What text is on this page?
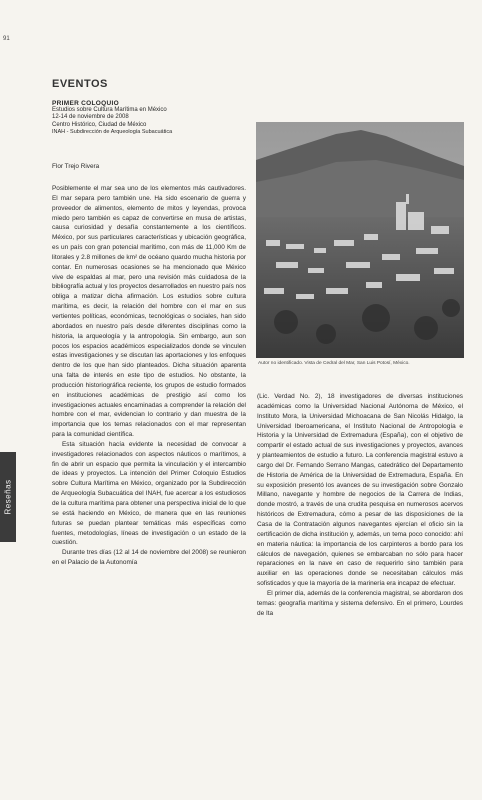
91
Reseñas
EVENTOS
PRIMER COLOQUIO
Estudios sobre Cultura Marítima en México
12-14 de noviembre de 2008
Centro Histórico, Ciudad de México
INAH - Subdirección de Arqueología Subacuática
Flor Trejo Rivera

Posiblemente el mar sea uno de los elementos más cautivadores. El mar separa pero también une. Ha sido escenario de guerra y proveedor de alimentos, elemento de mitos y leyendas, provoca miedo pero también es capaz de convertirse en musa de artistas, causa curiosidad y desafía constantemente a los científicos. México, por sus particulares características y ubicación geográfica, es un país con gran potencial marítimo, con más de 11,000 Km de litorales y 2.8 millones de km² de océano quardo mucha historia por contar. En numerosas ocasiones se ha mencionado que México vive de espaldas al mar, pero una revisión más cuidadosa de la bibliografía actual y los proyectos desarrollados en nuestro país nos obliga a matizar dicha afirmación. Los estudios sobre cultura marítima, es decir, la relación del hombre con el mar en sus vertientes políticas, económicas, tecnológicas o sociales, han sido abordados en nuestro país desde diferentes disciplinas como la historia, la arqueología y la antropología. Sin embargo, aun son pocos los espacios académicos especializados donde se vinculen estas investigaciones y se discutan las aportaciones y los enfoques dentro de los que han sido planteados. Dicha situación aparenta una falta de interés en este tipo de estudios. No obstante, la producción historiográfica reciente, los grupos de estudio formados en instituciones académicas de prestigio así como los investigaciones actuales encaminadas a comprender la relación del hombre con el mar, evidencian lo contrario y dan muestra de la importancia que los temas relacionados con el mar representan para la comunidad científica.

Esta situación hacía evidente la necesidad de convocar a investigadores relacionados con aspectos náuticos o marítimos, a fin de abrir un espacio que permita la vinculación y el intercambio de ideas y proyectos. La intención del Primer Coloquio Estudios sobre Cultura Marítima en México, organizado por la Subdirección de Arqueología Subacuática del INAH, fue acercar a los estudiosos de la cultura marítima para obtener una perspectiva inicial de lo que se está haciendo en México, de manera que en las reuniones futuras se puedan plantear temáticas más específicas como fuentes, metodologías, líneas de investigación o un estado de la cuestión.

Durante tres días (12 al 14 de noviembre del 2008) se reunieron en el Palacio de la Autonomía

Autor no identificado. Vista de Cedral del Mar, San Luis Potosí, México.

(Lic. Verdad No. 2), 18 investigadores de diversas instituciones académicas como la Universidad Nacional Autónoma de México, el Instituto Mora, la Universidad Michoacana de San Nicolás Hidalgo, la Universidad Iberoamericana, el Instituto Nacional de Antropología e Historia y la Universidad de Extremadura (España), con el objetivo de compartir el estado actual de sus investigaciones y proyectos, avances y planteamientos de estudio a futuro. La conferencia magistral estuvo a cargo del Dr. Fernando Serrano Mangas, catedrático del Departamento de Historia de América de la Universidad de Extremadura, España. En su exposición presentó los avances de su investigación sobre Gonzalo Millano, navegante y hombre de negocios de la Carrera de Indias, donde mostró, a través de una crudita pesquisa en numerosos acervos históricos de Extremadura, cómo a pesar de las disposiciones de la Casa de la Contratación algunos navegantes ejercían el oficio sin la certificación de dicha institución y, además, un tema poco conocido: ahí en materia náutica: la importancia de los carpinteros a bordo para los cálculos de navegación, quienes se embarcaban no sólo para hacer reparaciones en la nave en caso de requerirlo sino también para auxiliar en las operaciones donde se necesitaban cálculos más sofisticados y que la mayoría de la marinería era incapaz de efectuar.

El primer día, además de la conferencia magistral, se abordaron dos temas: geografía marítima y sistema defensivo. En el primero, Lourdes de Ita
